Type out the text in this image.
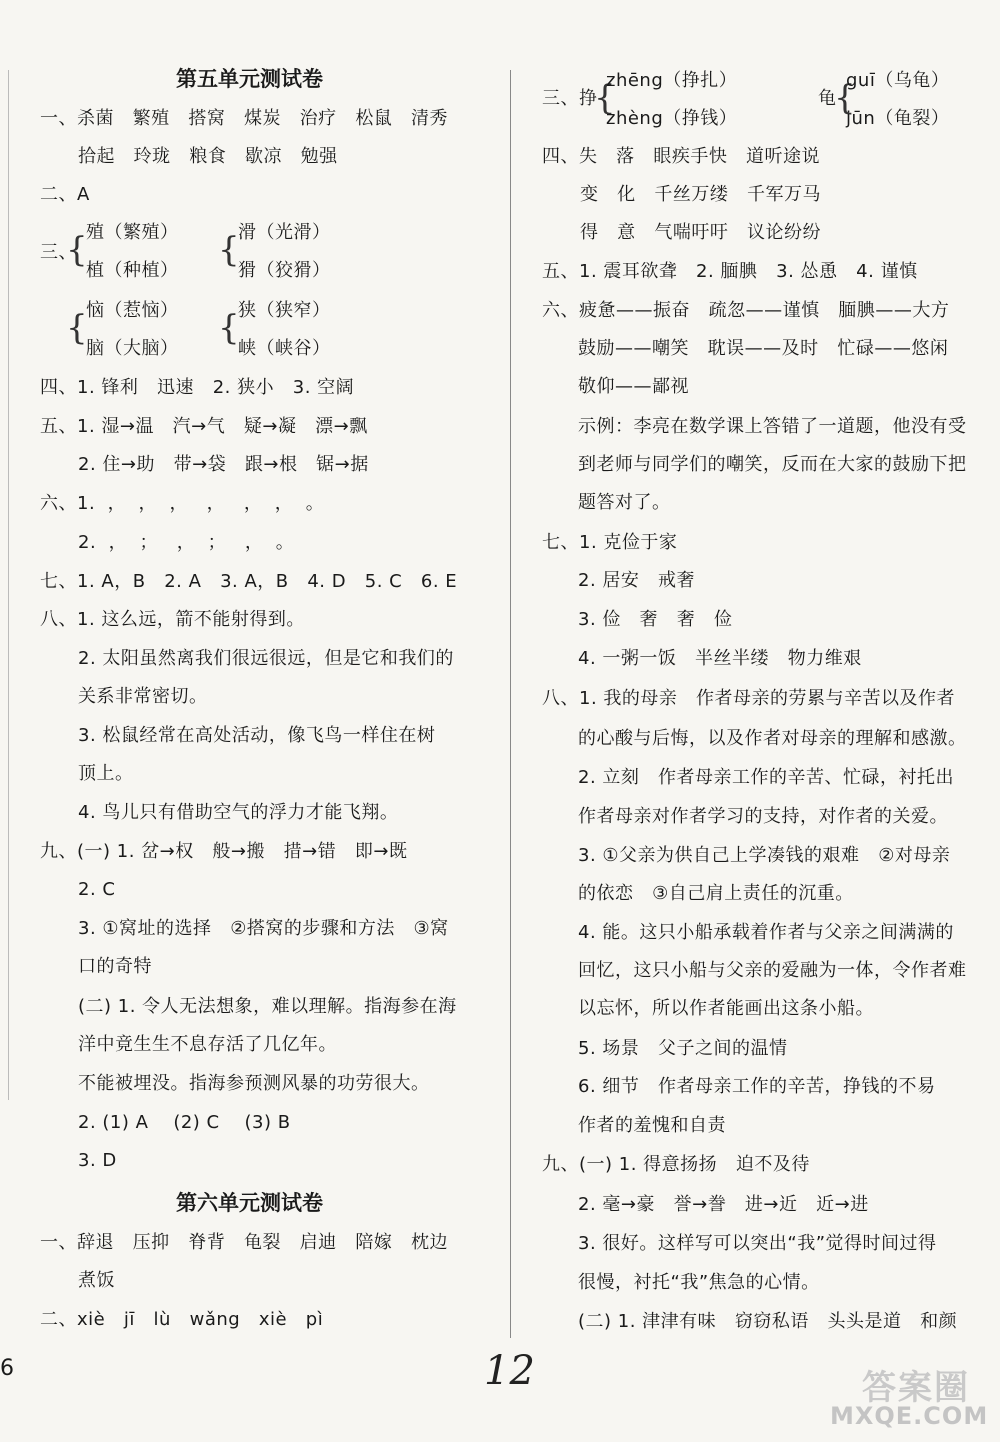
第五单元测试卷
一、杀菌   繁殖   搭窝   煤炭   治疗   松鼠   清秀
拾起   玲珑   粮食   歇凉   勉强
二、A
三、
{
殖（繁殖）
植（种植）
{
滑（光滑）
猾（狡猾）
{
恼（惹恼）
脑（大脑）
{
狭（狭窄）
峡（峡谷）
四、1. 锋利   迅速   2. 狭小   3. 空阔
五、1. 湿→温   汽→气   疑→凝   漂→飘
2. 住→助   带→袋   跟→根   锯→据
六、1.  ，  ，  ，   ，   ，  ，  。
2.  ，  ；   ，  ；   ，  。
七、1. A，B   2. A   3. A，B   4. D   5. C   6. E
八、1. 这么远，箭不能射得到。
2. 太阳虽然离我们很远很远，但是它和我们的
关系非常密切。
3. 松鼠经常在高处活动，像飞鸟一样住在树
顶上。
4. 鸟儿只有借助空气的浮力才能飞翔。
九、(一) 1. 岔→权   般→搬   措→错   即→既
2. C
3. ①窝址的选择   ②搭窝的步骤和方法   ③窝
口的奇特
(二) 1. 令人无法想象，难以理解。指海参在海
洋中竟生生不息存活了几亿年。
不能被埋没。指海参预测风暴的功劳很大。
2. (1) A    (2) C    (3) B
3. D
第六单元测试卷
一、辞退   压抑   脊背   龟裂   启迪   陪嫁   枕边
煮饭
二、xiè   jī   lù   wǎng   xiè   pì
三、挣
{
zhēng（挣扎）
zhèng（挣钱）
龟
{
guī（乌龟）
jūn（龟裂）
四、失   落   眼疾手快   道听途说
变   化   千丝万缕   千军万马
得   意   气喘吁吁   议论纷纷
五、1. 震耳欲聋   2. 腼腆   3. 怂恿   4. 谨慎
六、疲惫——振奋   疏忽——谨慎   腼腆——大方
鼓励——嘲笑   耽误——及时   忙碌——悠闲
敬仰——鄙视
示例：李亮在数学课上答错了一道题，他没有受
到老师与同学们的嘲笑，反而在大家的鼓励下把
题答对了。
七、1. 克俭于家
2. 居安   戒奢
3. 俭   奢   奢   俭
4. 一粥一饭   半丝半缕   物力维艰
八、1. 我的母亲   作者母亲的劳累与辛苦以及作者
的心酸与后悔，以及作者对母亲的理解和感激。
2. 立刻   作者母亲工作的辛苦、忙碌，衬托出
作者母亲对作者学习的支持，对作者的关爱。
3. ①父亲为供自己上学凑钱的艰难   ②对母亲
的依恋   ③自己肩上责任的沉重。
4. 能。这只小船承载着作者与父亲之间满满的
回忆，这只小船与父亲的爱融为一体，令作者难
以忘怀，所以作者能画出这条小船。
5. 场景   父子之间的温情
6. 细节   作者母亲工作的辛苦，挣钱的不易
作者的羞愧和自责
九、(一) 1. 得意扬扬   迫不及待
2. 毫→豪   誉→誊   进→近   近→进
3. 很好。这样写可以突出“我”觉得时间过得
很慢，衬托“我”焦急的心情。
(二) 1. 津津有味   窃窃私语   头头是道   和颜
6	12	答案圈
MXQE.COM
